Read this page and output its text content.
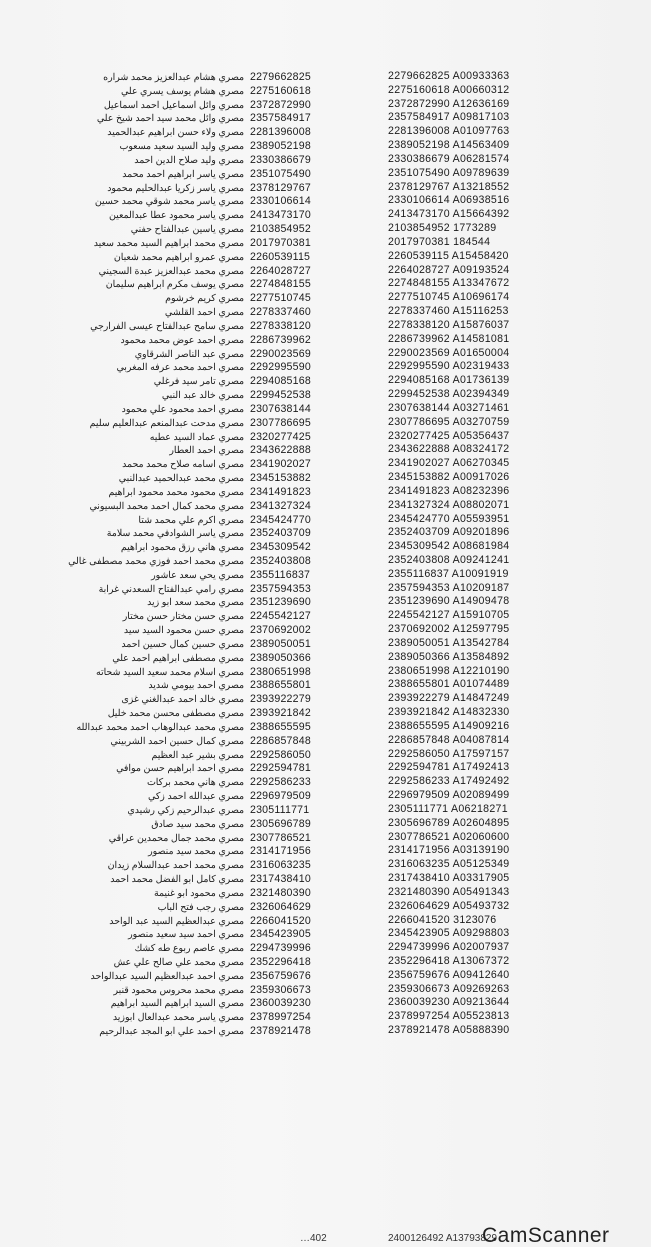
مصري هشام عبدالعزيز محمد شراره 2279662825
مصري هشام يوسف يسري علي 2275160618
مصري وائل اسماعيل احمد اسماعيل 2372872990
مصري وائل محمد سيد احمد شيخ علي 2357584917
مصري ولاء حسن ابراهيم عبدالحميد 2281396008
مصري وليد السيد سعيد مسعوب 2389052198
مصري وليد صلاح الدين احمد 2330386679
مصري ياسر ابراهيم احمد محمد 2351075490
مصري ياسر زكريا عبدالحليم محمود 2378129767
مصري ياسر محمد شوقي محمد حسين 2330106614
مصري ياسر محمود عطا عبدالمعين 2413473170
مصري ياسين عبدالفتاح حفني 2103854952
مصري محمد ابراهيم السيد محمد سعيد 2017970381
مصري عمرو ابراهيم محمد شعبان 2260539115
مصري محمد عبدالعزيز عبدة السجيني 2264028727
مصري يوسف مكرم ابراهيم سليمان 2274848155
مصري كريم خرشوم 2277510745
مصري احمد القلشي 2278337460
مصري سامح عبدالفتاح عيسى الفرارجي 2278338120
مصري احمد عوض محمد محمود 2286739962
مصري عبد الناصر الشرقاوي 2290023569
مصري احمد محمد عرفه المغربي 2292995590
مصري تامر سيد فرغلي 2294085168
مصري خالد عبد النبي 2299452538
مصري احمد محمود علي محمود 2307638144
مصري مدحت عبدالمنعم عبدالعليم سليم 2307786695
مصري عماد السيد عطيه 2320277425
مصري احمد العطار 2343622888
مصري اسامه صلاح محمد محمد 2341902027
مصري محمد عبدالحميد عبدالنبي 2345153882
مصري محمود محمد محمود ابراهيم 2341491823
مصري محمد كمال احمد محمد البسيوني 2341327324
مصري اكرم علي محمد شتا 2345424770
مصري ياسر الشوادفي محمد سلامة 2352403709
مصري هاني رزق محمود ابراهيم 2345309542
مصري محمد احمد فوزي محمد مصطفى غالي 2352403808
مصري يحي سعد عاشور 2355116837
مصري رامي عبدالفتاح السعدني غرابة 2357594353
مصري محمد سعد ابو زيد 2351239690
مصري حسن مختار حسن مختار 2245542127
مصري حسن محمود السيد سيد 2370692002
مصري حسين كمال حسين احمد 2389050051
مصري مصطفى ابراهيم احمد علي 2389050366
مصري اسلام محمد سعيد السيد شحاته 2380651998
مصري احمد بيومي شديد 2388655801
مصري خالد احمد عبدالغني غزى 2393922279
مصري مصطفى محسن محمد خليل 2393921842
مصري محمد عبدالوهاب احمد محمد عبدالله 2388655595
مصري كمال حسين احمد الشربيني 2286857848
مصري بشير عبد العظيم 2292586050
مصري احمد ابراهيم حسن موافي 2292594781
مصري هاني محمد بركات 2292586233
مصري عبدالله احمد زكي 2296979509
مصري عبدالرحيم زكي رشيدي 2305111771
مصري محمد سيد صادق 2305696789
مصري محمد جمال محمدين عراقي 2307786521
مصري محمد سيد منصور 2314171956
مصري محمد احمد عبدالسلام زيدان 2316063235
مصري كامل ابو الفضل محمد احمد 2317438410
مصري محمود ابو غنيمة 2321480390
مصري رجب فتح الباب 2326064629
مصري عبدالعظيم السيد عبد الواحد 2266041520
مصري احمد سيد سعيد منصور 2345423905
مصري عاصم ربوع طه كشك 2294739996
مصري محمد علي صالح علي عش 2352296418
مصري احمد عبدالعظيم السيد عبدالواحد 2356759676
مصري محمد محروس محمود قنبر 2359306673
مصري السيد ابراهيم السيد ابراهيم 2360039230
مصري ياسر محمد عبدالعال ابوزيد 2378997254
مصري احمد علي ابو المجد عبدالرحيم 2378921478
2279662825 A00933363
2275160618 A00660312
2372872990 A12636169
2357584917 A09817103
2281396008 A01097763
2389052198 A14563409
2330386679 A06281574
2351075490 A09789639
2378129767 A13218552
2330106614 A06938516
2413473170 A15664392
2103854952 1773289
2017970381 184544
2260539115 A15458420
2264028727 A09193524
2274848155 A13347672
2277510745 A10696174
2278337460 A15116253
2278338120 A15876037
2286739962 A14581081
2290023569 A01650004
2292995590 A02319433
2294085168 A01736139
2299452538 A02394349
2307638144 A03271461
2307786695 A03270759
2320277425 A05356437
2343622888 A08324172
2341902027 A06270345
2345153882 A00917026
2341491823 A08232396
2341327324 A08802071
2345424770 A05593951
2352403709 A09201896
2345309542 A08681984
2352403808 A09241241
2355116837 A10091919
2357594353 A10209187
2351239690 A14909478
2245542127 A15910705
2370692002 A12597795
2389050051 A13542784
2389050366 A13584892
2380651998 A12210190
2388655801 A01074489
2393922279 A14847249
2393921842 A14832330
2388655595 A14909216
2286857848 A04087814
2292586050 A17597157
2292594781 A17492413
2292586233 A17492492
2296979509 A02089499
2305111771 A06218271
2305696789 A02604895
2307786521 A02060600
2314171956 A03139190
2316063235 A05125349
2317438410 A03317905
2321480390 A05491343
2326064629 A05493732
2266041520 3123076
2345423905 A09298803
2294739996 A02007937
2352296418 A13067372
2356759676 A09412640
2359306673 A09269263
2360039230 A09213644
2378997254 A05523813
2378921478 A05888390
…402	2400126492 A13793829
CamScanner
